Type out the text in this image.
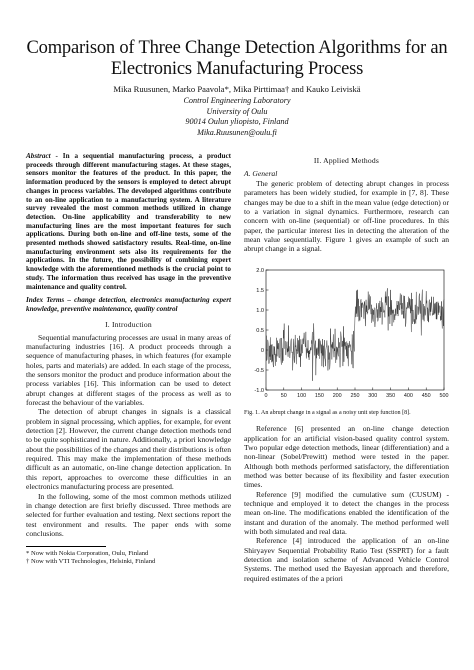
Comparison of Three Change Detection Algorithms for an Electronics Manufacturing Process
Mika Ruusunen, Marko Paavola*, Mika Pirttimaa† and Kauko Leiviskä
Control Engineering Laboratory
University of Oulu
90014 Oulun yliopisto, Finland
Mika.Ruusunen@oulu.fi

Abstract - In a sequential manufacturing process, a product proceeds through different manufacturing stages. At these stages, sensors monitor the features of the product. In this paper, the information produced by the sensors is employed to detect abrupt changes in process variables. The developed algorithms contribute to an on-line application to a manufacturing system. A literature survey revealed the most common methods utilized in change detection. On-line applicability and transferability to new manufacturing lines are the most important features for such applications. During both on-line and off-line tests, some of the presented methods showed satisfactory results. Real-time, on-line manufacturing environment sets also its requirements for the applications. In the future, the possibility of combining expert knowledge with the aforementioned methods is the crucial point to study. The information thus received has usage in the preventive maintenance and quality control.

Index Terms – change detection, electronics manufacturing expert knowledge, preventive maintenance, quality control

I. Introduction

Sequential manufacturing processes are usual in many areas of manufacturing industries [16]. A product proceeds through a sequence of manufacturing phases, in which features (for example holes, parts and materials) are added. In each stage of the process, the sensors monitor the product and produce information about the process variables [16]. This information can be used to detect abrupt changes at different stages of the process as well as to forecast the behaviour of the variables.

The detection of abrupt changes in signals is a classical problem in signal processing, which applies, for example, for event detection [2]. However, the current change detection methods tend to be quite sophisticated in nature. Additionally, a priori knowledge about the possibilities of the changes and their distributions is often required. This may make the implementation of these methods difficult as an automatic, on-line change detection application. In this report, approaches to overcome these difficulties in an electronics manufacturing process are presented.

In the following, some of the most common methods utilized in change detection are first briefly discussed. Three methods are selected for further evaluation and testing. Next sections report the test environment and results. The paper ends with some conclusions.

* Now with Nokia Corporation, Oulu, Finland
† Now with VTI Technologies, Helsinki, Finland
II. Applied Methods
A. General

The generic problem of detecting abrupt changes in process parameters has been widely studied, for example in [7, 8]. These changes may be due to a shift in the mean value (edge detection) or to a variation in signal dynamics. Furthermore, research can concern with on-line (sequential) or off-line procedures. In this paper, the particular interest lies in detecting the alteration of the mean value sequentially. Figure 1 gives an example of such an abrupt change in a signal.

2.0
1.5
1.0
0.5
0
-0.5
-1.0
0 50 100 150 200 250 300 350 400 450 500
Fig. 1. An abrupt change in a signal as a noisy unit step function [8].

Reference [6] presented an on-line change detection application for an artificial vision-based quality control system. Two popular edge detection methods, linear (differentiation) and a non-linear (Sobel/Prewitt) method were tested in the paper. Although both methods performed satisfactory, the differentiation method was better because of its flexibility and faster execution times.

Reference [9] modified the cumulative sum (CUSUM) -technique and employed it to detect the changes in the process mean on-line. The modifications enabled the identification of the instant and duration of the anomaly. The method performed well with both simulated and real data.

Reference [4] introduced the application of an on-line Shiryayev Sequential Probability Ratio Test (SSPRT) for a fault detection and isolation scheme of Advanced Vehicle Control Systems. The method used the Bayesian approach and therefore, required estimates of the a priori
